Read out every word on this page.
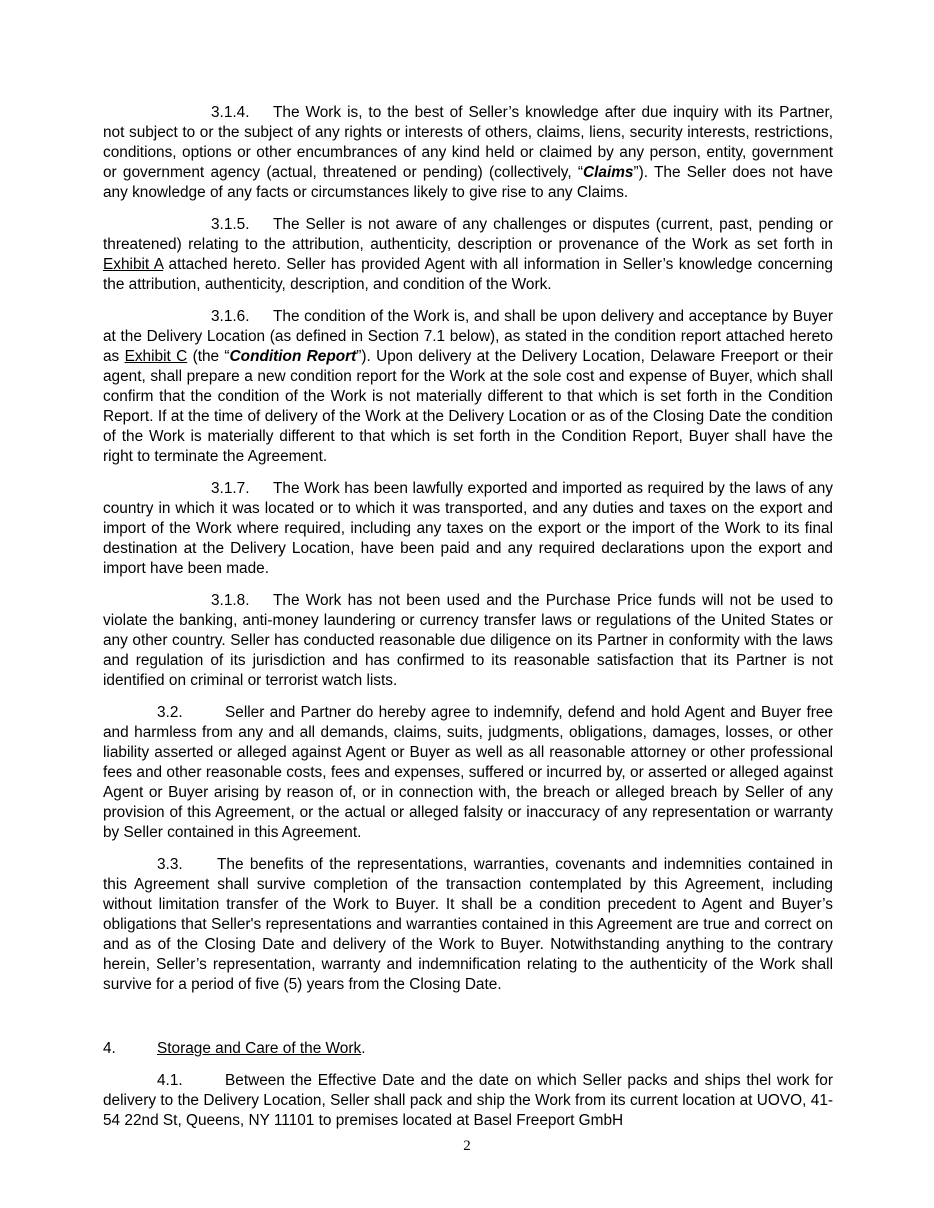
3.1.4. The Work is, to the best of Seller’s knowledge after due inquiry with its Partner, not subject to or the subject of any rights or interests of others, claims, liens, security interests, restrictions, conditions, options or other encumbrances of any kind held or claimed by any person, entity, government or government agency (actual, threatened or pending) (collectively, “Claims”). The Seller does not have any knowledge of any facts or circumstances likely to give rise to any Claims.

3.1.5. The Seller is not aware of any challenges or disputes (current, past, pending or threatened) relating to the attribution, authenticity, description or provenance of the Work as set forth in Exhibit A attached hereto. Seller has provided Agent with all information in Seller’s knowledge concerning the attribution, authenticity, description, and condition of the Work.

3.1.6. The condition of the Work is, and shall be upon delivery and acceptance by Buyer at the Delivery Location (as defined in Section 7.1 below), as stated in the condition report attached hereto as Exhibit C (the “Condition Report”). Upon delivery at the Delivery Location, Delaware Freeport or their agent, shall prepare a new condition report for the Work at the sole cost and expense of Buyer, which shall confirm that the condition of the Work is not materially different to that which is set forth in the Condition Report. If at the time of delivery of the Work at the Delivery Location or as of the Closing Date the condition of the Work is materially different to that which is set forth in the Condition Report, Buyer shall have the right to terminate the Agreement.

3.1.7. The Work has been lawfully exported and imported as required by the laws of any country in which it was located or to which it was transported, and any duties and taxes on the export and import of the Work where required, including any taxes on the export or the import of the Work to its final destination at the Delivery Location, have been paid and any required declarations upon the export and import have been made.

3.1.8. The Work has not been used and the Purchase Price funds will not be used to violate the banking, anti-money laundering or currency transfer laws or regulations of the United States or any other country. Seller has conducted reasonable due diligence on its Partner in conformity with the laws and regulation of its jurisdiction and has confirmed to its reasonable satisfaction that its Partner is not identified on criminal or terrorist watch lists.

3.2.	Seller and Partner do hereby agree to indemnify, defend and hold Agent and Buyer free and harmless from any and all demands, claims, suits, judgments, obligations, damages, losses, or other liability asserted or alleged against Agent or Buyer as well as all reasonable attorney or other professional fees and other reasonable costs, fees and expenses, suffered or incurred by, or asserted or alleged against Agent or Buyer arising by reason of, or in connection with, the breach or alleged breach by Seller of any provision of this Agreement, or the actual or alleged falsity or inaccuracy of any representation or warranty by Seller contained in this Agreement.

3.3. The benefits of the representations, warranties, covenants and indemnities contained in this Agreement shall survive completion of the transaction contemplated by this Agreement, including without limitation transfer of the Work to Buyer. It shall be a condition precedent to Agent and Buyer’s obligations that Seller's representations and warranties contained in this Agreement are true and correct on and as of the Closing Date and delivery of the Work to Buyer. Notwithstanding anything to the contrary herein, Seller’s representation, warranty and indemnification relating to the authenticity of the Work shall survive for a period of five (5) years from the Closing Date.

4.	Storage and Care of the Work.

4.1.	Between the Effective Date and the date on which Seller packs and ships thel work for delivery to the Delivery Location, Seller shall pack and ship the Work from its current location at UOVO, 41-54 22nd St, Queens, NY 11101 to premises located at Basel Freeport GmbH

2
